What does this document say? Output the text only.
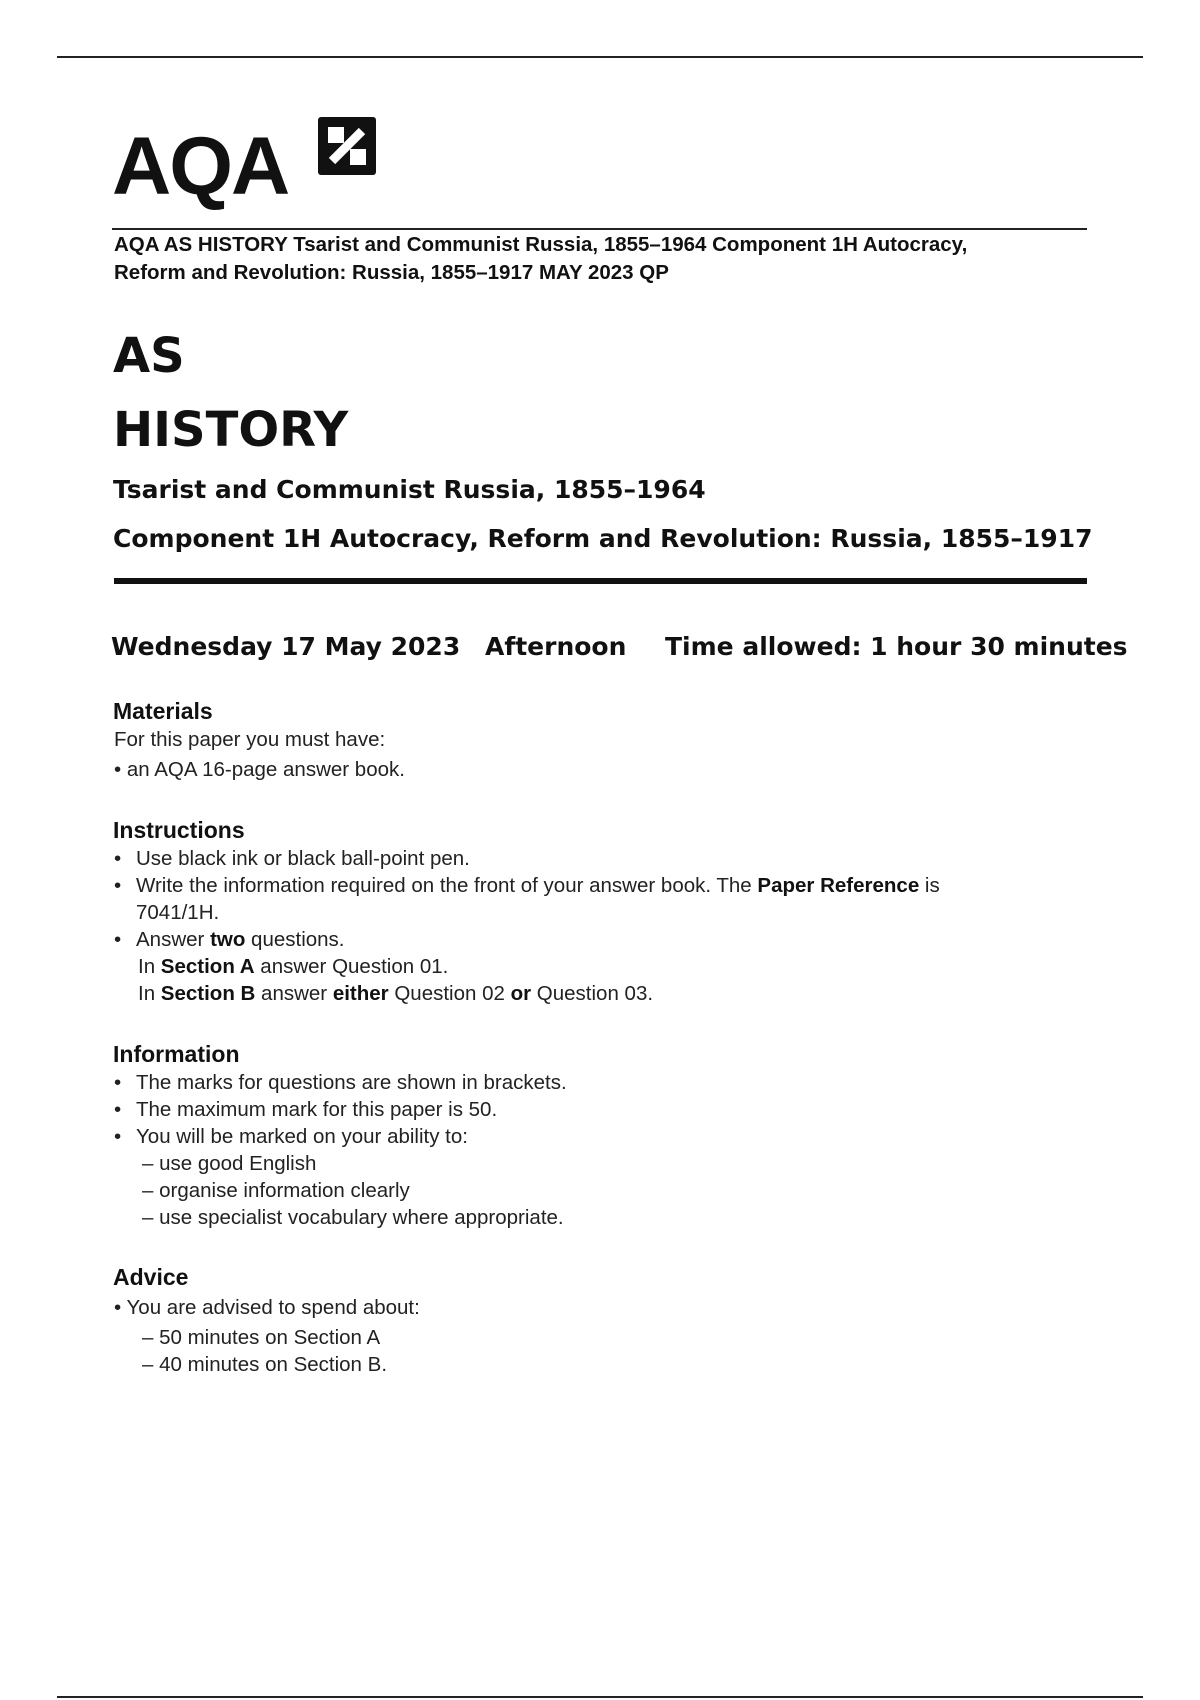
AQA
AQA AS HISTORY Tsarist and Communist Russia, 1855–1964 Component 1H Autocracy,
Reform and Revolution: Russia, 1855–1917 MAY 2023 QP
AS
HISTORY
Tsarist and Communist Russia, 1855–1964
Component 1H Autocracy, Reform and Revolution: Russia, 1855–1917
Wednesday 17 May 2023 Afternoon Time allowed: 1 hour 30 minutes
Materials
For this paper you must have:
• an AQA 16-page answer book.
Instructions
• Use black ink or black ball-point pen.
• Write the information required on the front of your answer book. The Paper Reference is
7041/1H.
• Answer two questions.
In Section A answer Question 01.
In Section B answer either Question 02 or Question 03.
Information
• The marks for questions are shown in brackets.
• The maximum mark for this paper is 50.
• You will be marked on your ability to:
– use good English
– organise information clearly
– use specialist vocabulary where appropriate.
Advice
• You are advised to spend about:
– 50 minutes on Section A
– 40 minutes on Section B.
